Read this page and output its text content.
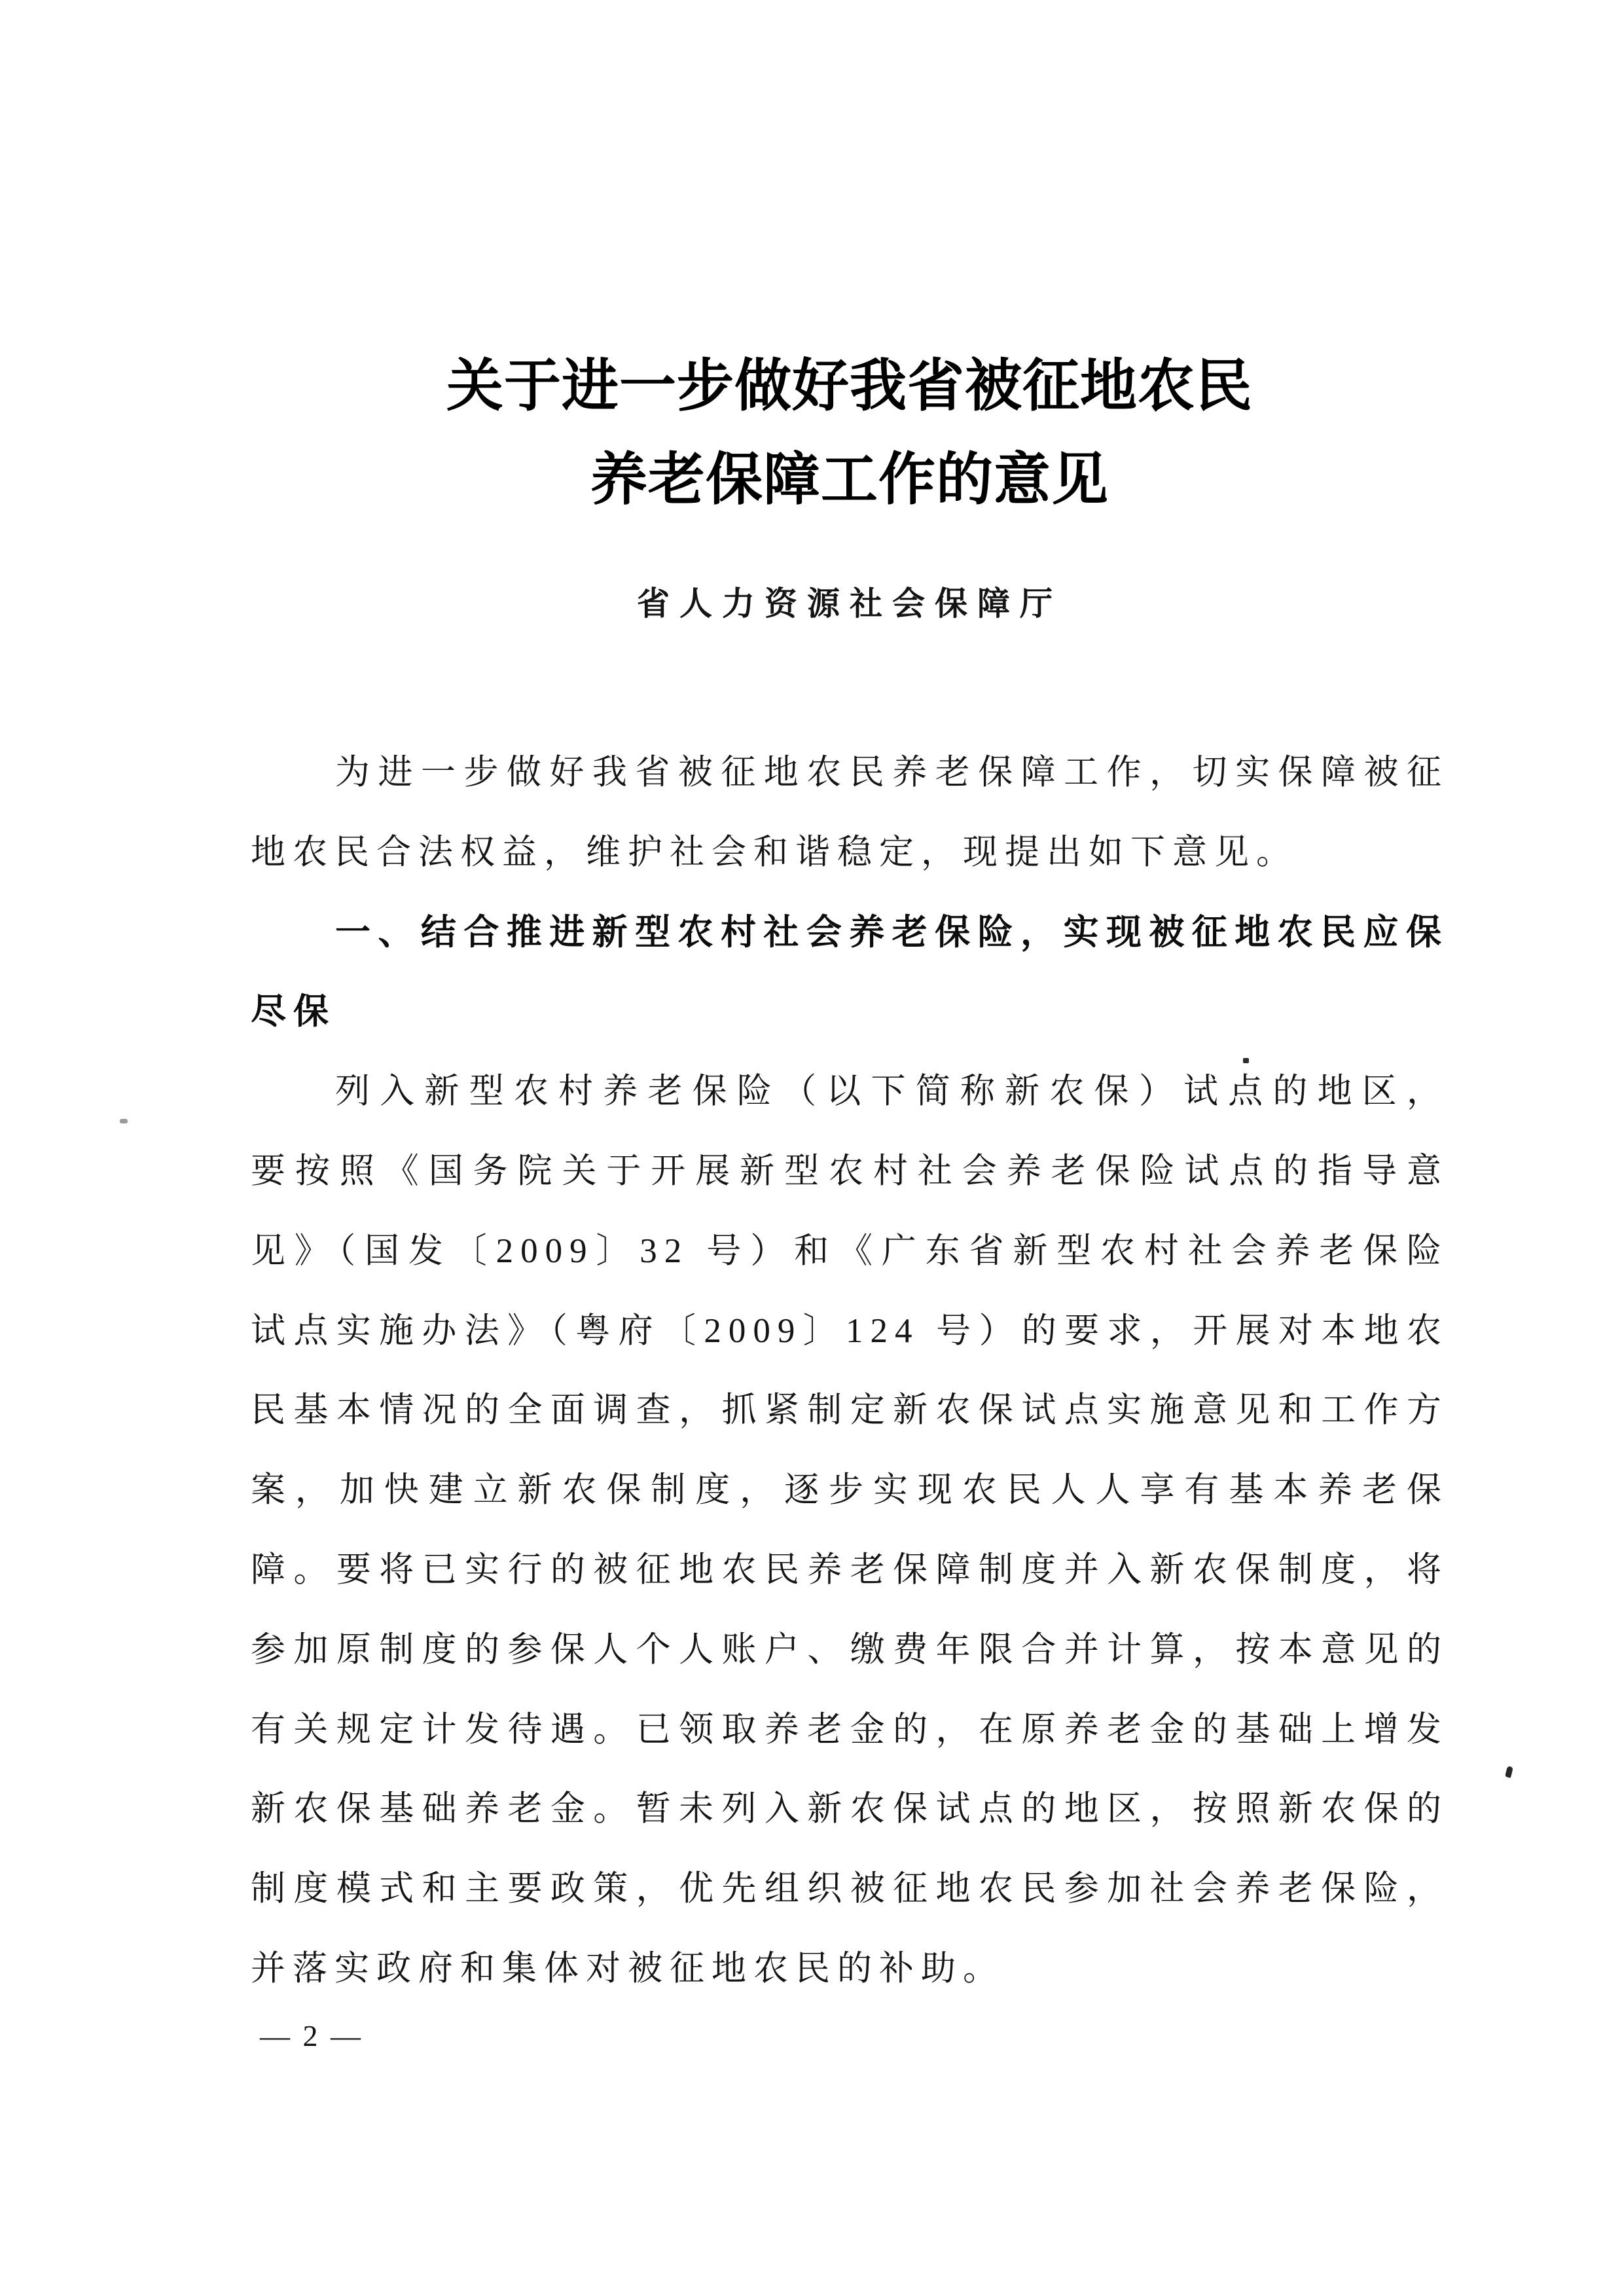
关于进一步做好我省被征地农民
养老保障工作的意见
省人力资源社会保障厅
为进一步做好我省被征地农民养老保障工作，切实保障被征
地农民合法权益，维护社会和谐稳定，现提出如下意见。
一、结合推进新型农村社会养老保险，实现被征地农民应保
尽保
列入新型农村养老保险（以下简称新农保）试点的地区，
要按照《国务院关于开展新型农村社会养老保险试点的指导意
见》（国发〔2009〕32 号）和《广东省新型农村社会养老保险
试点实施办法》（粤府〔2009〕124 号）的要求，开展对本地农
民基本情况的全面调查，抓紧制定新农保试点实施意见和工作方
案，加快建立新农保制度，逐步实现农民人人享有基本养老保
障。要将已实行的被征地农民养老保障制度并入新农保制度，将
参加原制度的参保人个人账户、缴费年限合并计算，按本意见的
有关规定计发待遇。已领取养老金的，在原养老金的基础上增发
新农保基础养老金。暂未列入新农保试点的地区，按照新农保的
制度模式和主要政策，优先组织被征地农民参加社会养老保险，
并落实政府和集体对被征地农民的补助。
— 2 —
